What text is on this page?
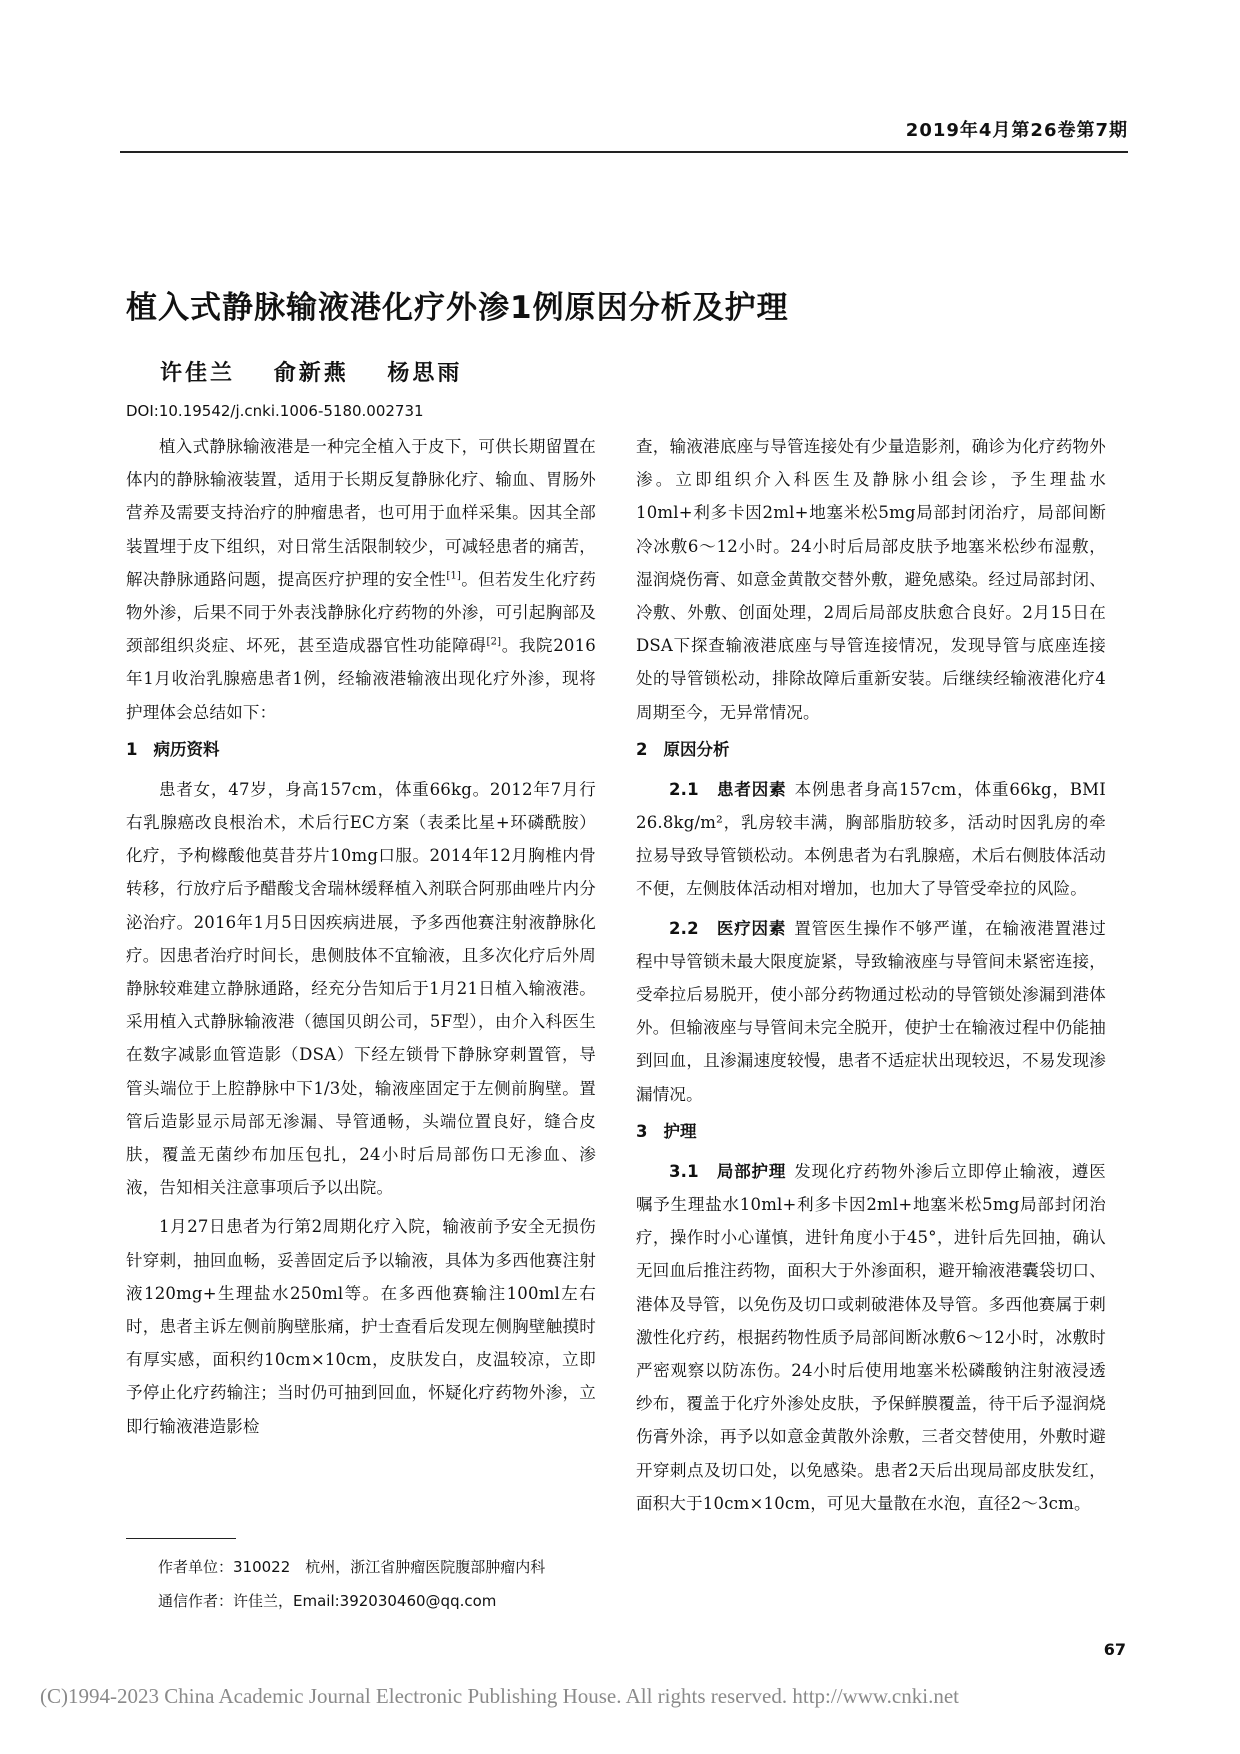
2019年4月第26卷第7期
植入式静脉输液港化疗外渗1例原因分析及护理
许佳兰 俞新燕 杨思雨
DOI:10.19542/j.cnki.1006-5180.002731

植入式静脉输液港是一种完全植入于皮下，可供长期留置在体内的静脉输液装置，适用于长期反复静脉化疗、输血、胃肠外营养及需要支持治疗的肿瘤患者，也可用于血样采集。因其全部装置埋于皮下组织，对日常生活限制较少，可减轻患者的痛苦，解决静脉通路问题，提高医疗护理的安全性[1]。但若发生化疗药物外渗，后果不同于外表浅静脉化疗药物的外渗，可引起胸部及颈部组织炎症、坏死，甚至造成器官性功能障碍[2]。我院2016年1月收治乳腺癌患者1例，经输液港输液出现化疗外渗，现将护理体会总结如下：

1 病历资料

患者女，47岁，身高157cm，体重66kg。2012年7月行右乳腺癌改良根治术，术后行EC方案（表柔比星+环磷酰胺）化疗，予枸橼酸他莫昔芬片10mg口服。2014年12月胸椎内骨转移，行放疗后予醋酸戈舍瑞林缓释植入剂联合阿那曲唑片内分泌治疗。2016年1月5日因疾病进展，予多西他赛注射液静脉化疗。因患者治疗时间长，患侧肢体不宜输液，且多次化疗后外周静脉较难建立静脉通路，经充分告知后于1月21日植入输液港。采用植入式静脉输液港（德国贝朗公司，5F型），由介入科医生在数字减影血管造影（DSA）下经左锁骨下静脉穿刺置管，导管头端位于上腔静脉中下1/3处，输液座固定于左侧前胸壁。置管后造影显示局部无渗漏、导管通畅，头端位置良好，缝合皮肤，覆盖无菌纱布加压包扎，24小时后局部伤口无渗血、渗液，告知相关注意事项后予以出院。

1月27日患者为行第2周期化疗入院，输液前予安全无损伤针穿刺，抽回血畅，妥善固定后予以输液，具体为多西他赛注射液120mg+生理盐水250ml等。在多西他赛输注100ml左右时，患者主诉左侧前胸壁胀痛，护士查看后发现左侧胸壁触摸时有厚实感，面积约10cm×10cm，皮肤发白，皮温较凉，立即予停止化疗药输注；当时仍可抽到回血，怀疑化疗药物外渗，立即行输液港造影检

查，输液港底座与导管连接处有少量造影剂，确诊为化疗药物外渗。立即组织介入科医生及静脉小组会诊，予生理盐水10ml+利多卡因2ml+地塞米松5mg局部封闭治疗，局部间断冷冰敷6～12小时。24小时后局部皮肤予地塞米松纱布湿敷，湿润烧伤膏、如意金黄散交替外敷，避免感染。经过局部封闭、冷敷、外敷、创面处理，2周后局部皮肤愈合良好。2月15日在DSA下探查输液港底座与导管连接情况，发现导管与底座连接处的导管锁松动，排除故障后重新安装。后继续经输液港化疗4周期至今，无异常情况。

2 原因分析

2.1　患者因素 本例患者身高157cm，体重66kg，BMI 26.8kg/m²，乳房较丰满，胸部脂肪较多，活动时因乳房的牵拉易导致导管锁松动。本例患者为右乳腺癌，术后右侧肢体活动不便，左侧肢体活动相对增加，也加大了导管受牵拉的风险。

2.2　医疗因素 置管医生操作不够严谨，在输液港置港过程中导管锁未最大限度旋紧，导致输液座与导管间未紧密连接，受牵拉后易脱开，使小部分药物通过松动的导管锁处渗漏到港体外。但输液座与导管间未完全脱开，使护士在输液过程中仍能抽到回血，且渗漏速度较慢，患者不适症状出现较迟，不易发现渗漏情况。

3 护理

3.1　局部护理 发现化疗药物外渗后立即停止输液，遵医嘱予生理盐水10ml+利多卡因2ml+地塞米松5mg局部封闭治疗，操作时小心谨慎，进针角度小于45°，进针后先回抽，确认无回血后推注药物，面积大于外渗面积，避开输液港囊袋切口、港体及导管，以免伤及切口或刺破港体及导管。多西他赛属于刺激性化疗药，根据药物性质予局部间断冰敷6～12小时，冰敷时严密观察以防冻伤。24小时后使用地塞米松磷酸钠注射液浸透纱布，覆盖于化疗外渗处皮肤，予保鲜膜覆盖，待干后予湿润烧伤膏外涂，再予以如意金黄散外涂敷，三者交替使用，外敷时避开穿刺点及切口处，以免感染。患者2天后出现局部皮肤发红，面积大于10cm×10cm，可见大量散在水泡，直径2～3cm。

作者单位：310022　杭州，浙江省肿瘤医院腹部肿瘤内科
通信作者：许佳兰，Email:392030460@qq.com
67
(C)1994-2023 China Academic Journal Electronic Publishing House. All rights reserved. http://www.cnki.net
